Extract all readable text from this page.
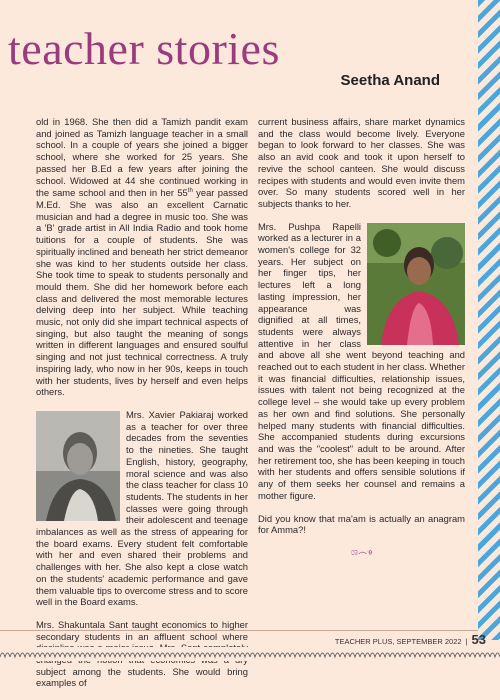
teacher stories
Seetha Anand

old in 1968. She then did a Tamizh pandit exam and joined as Tamizh language teacher in a small school. In a couple of years she joined a bigger school, where she worked for 25 years. She passed her B.Ed a few years after joining the school. Widowed at 44 she continued working in the same school and then in her 55th year passed M.Ed. She was also an excellent Carnatic musician and had a degree in music too. She was a 'B' grade artist in All India Radio and took home tuitions for a couple of students. She was spiritually inclined and beneath her strict demeanor she was kind to her students outside her class. She took time to speak to students personally and mould them. She did her homework before each class and delivered the most memorable lectures delving deep into her subject. While teaching music, not only did she impart technical aspects of singing, but also taught the meaning of songs written in different languages and ensured soulful singing and not just technical correctness. A truly inspiring lady, who now in her 90s, keeps in touch with her students, lives by herself and even helps others.

Mrs. Xavier Pakiaraj worked as a teacher for over three decades from the seventies to the nineties. She taught English, history, geography, moral science and was also the class teacher for class 10 students. The students in her classes were going through their adolescent and teenage imbalances as well as the stress of appearing for the board exams. Every student felt comfortable with her and even shared their problems and challenges with her. She also kept a close watch on the students' academic performance and gave them valuable tips to overcome stress and to score well in the Board exams.

Mrs. Shakuntala Sant taught economics to higher secondary students in an affluent school where subject among the students. She would bring examples of

current business affairs, share market dynamics and the class would become lively. Everyone began to look forward to her classes. She was also an avid cook and took it upon herself to revive the school canteen. She would discuss recipes with students and would even invite them over. So many students scored well in her subjects thanks to her.

Mrs. Pushpa Rapelli worked as a lecturer in a women's college for 32 years. Her subject on her finger tips, her lectures left a long lasting impression, her appearance was dignified at all times, students were always attentive in her class and above all she went beyond teaching and reached out to each student in her class. Whether it was financial difficulties, relationship issues, issues with talent not being recognized at the college level – she would take up every problem as her own and find solutions. She personally helped many students with financial difficulties. She accompanied students during excursions and was the "coolest" adult to be around. After her retirement too, she has been keeping in touch with her students and offers sensible solutions if any of them seeks her counsel and remains a mother figure.

Did you know that ma'am is actually an anagram for Amma?!

ශ෴ෳ
TEACHER PLUS, SEPTEMBER 2022 | 53
